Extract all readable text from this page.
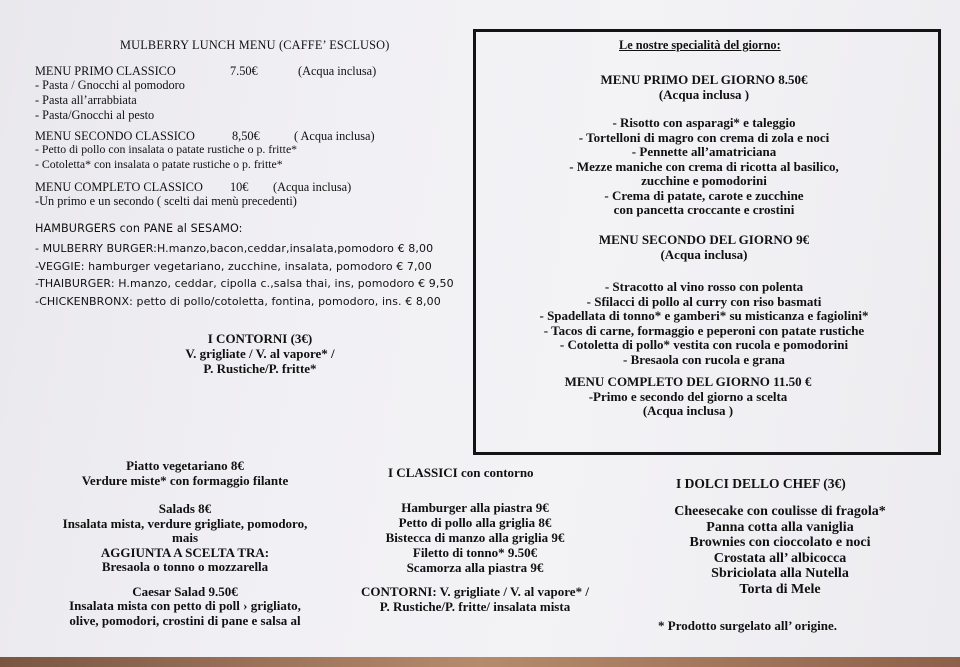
MULBERRY LUNCH MENU (CAFFE’ ESCLUSO)
MENU PRIMO CLASSICO	7.50€	(Acqua inclusa)
- Pasta / Gnocchi al pomodoro
- Pasta all’arrabbiata
- Pasta/Gnocchi al pesto
MENU SECONDO CLASSICO	8,50€	( Acqua inclusa)
- Petto di pollo con insalata o patate rustiche o p. fritte*
- Cotoletta* con insalata o patate rustiche o p. fritte*
MENU COMPLETO CLASSICO 10€ (Acqua inclusa)
-Un primo e un secondo ( scelti dai menù precedenti)
HAMBURGERS con PANE al SESAMO:
- MULBERRY BURGER:H.manzo,bacon,ceddar,insalata,pomodoro € 8,00
-VEGGIE: hamburger vegetariano, zucchine, insalata, pomodoro € 7,00
-THAIBURGER: H.manzo, ceddar, cipolla c.,salsa thai, ins, pomodoro € 9,50
-CHICKENBRONX: petto di pollo/cotoletta, fontina, pomodoro, ins. € 8,00
I CONTORNI (3€)
V. grigliate / V. al vapore* /
P. Rustiche/P. fritte*
Le nostre specialità del giorno:
MENU PRIMO DEL GIORNO 8.50€
(Acqua inclusa )
- Risotto con asparagi* e taleggio
- Tortelloni di magro con crema di zola e noci
- Pennette all’amatriciana
- Mezze maniche con crema di ricotta al basilico,
zucchine e pomodorini
- Crema di patate, carote e zucchine
con pancetta croccante e crostini
MENU SECONDO DEL GIORNO 9€
(Acqua inclusa)
- Stracotto al vino rosso con polenta
- Sfilacci di pollo al curry con riso basmati
- Spadellata di tonno* e gamberi* su misticanza e fagiolini*
- Tacos di carne, formaggio e peperoni con patate rustiche
- Cotoletta di pollo* vestita con rucola e pomodorini
- Bresaola con rucola e grana
MENU COMPLETO DEL GIORNO 11.50 €
-Primo e secondo del giorno a scelta
(Acqua inclusa )
Piatto vegetariano 8€
Verdure miste* con formaggio filante
Salads 8€
Insalata mista, verdure grigliate, pomodoro,
mais
AGGIUNTA A SCELTA TRA:
Bresaola o tonno o mozzarella
Caesar Salad 9.50€
Insalata mista con petto di poll › grigliato,
olive, pomodori, crostini di pane e salsa al
I CLASSICI con contorno
Hamburger alla piastra 9€
Petto di pollo alla griglia 8€
Bistecca di manzo alla griglia 9€
Filetto di tonno* 9.50€
Scamorza alla piastra 9€
CONTORNI: V. grigliate / V. al vapore* /
P. Rustiche/P. fritte/ insalata mista
I DOLCI DELLO CHEF (3€)
Cheesecake con coulisse di fragola*
Panna cotta alla vaniglia
Brownies con cioccolato e noci
Crostata all’ albicocca
Sbriciolata alla Nutella
Torta di Mele
* Prodotto surgelato all’ origine.
